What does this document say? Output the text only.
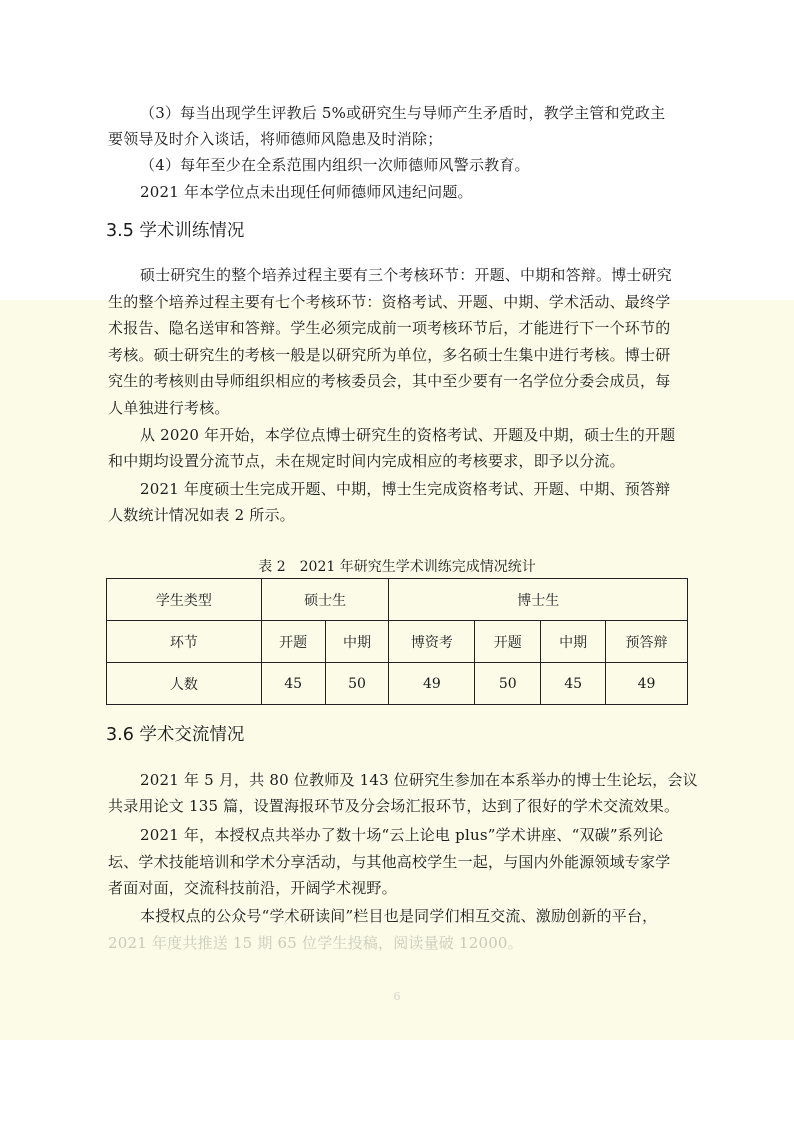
（3）每当出现学生评教后 5%或研究生与导师产生矛盾时，教学主管和党政主

要领导及时介入谈话，将师德师风隐患及时消除；

（4）每年至少在全系范围内组织一次师德师风警示教育。

2021 年本学位点未出现任何师德师风违纪问题。

3.5 学术训练情况

硕士研究生的整个培养过程主要有三个考核环节：开题、中期和答辩。博士研究

生的整个培养过程主要有七个考核环节：资格考试、开题、中期、学术活动、最终学

术报告、隐名送审和答辩。学生必须完成前一项考核环节后，才能进行下一个环节的

考核。硕士研究生的考核一般是以研究所为单位，多名硕士生集中进行考核。博士研

究生的考核则由导师组织相应的考核委员会，其中至少要有一名学位分委会成员，每

人单独进行考核。

从 2020 年开始，本学位点博士研究生的资格考试、开题及中期，硕士生的开题

和中期均设置分流节点，未在规定时间内完成相应的考核要求，即予以分流。

2021 年度硕士生完成开题、中期，博士生完成资格考试、开题、中期、预答辩

人数统计情况如表 2 所示。

表 2　2021 年研究生学术训练完成情况统计

学生类型	硕士生		博士生			
环节	开题	中期	博资考	开题	中期	预答辩
人数	45	50	49	50	45	49
3.6 学术交流情况

2021 年 5 月，共 80 位教师及 143 位研究生参加在本系举办的博士生论坛，会议

共录用论文 135 篇，设置海报环节及分会场汇报环节，达到了很好的学术交流效果。

2021 年，本授权点共举办了数十场“云上论电 plus”学术讲座、“双碳”系列论

坛、学术技能培训和学术分享活动，与其他高校学生一起，与国内外能源领域专家学

者面对面，交流科技前沿，开阔学术视野。

本授权点的公众号“学术研读间”栏目也是同学们相互交流、激励创新的平台，

2021 年度共推送 15 期 65 位学生投稿，阅读量破 12000。

6
